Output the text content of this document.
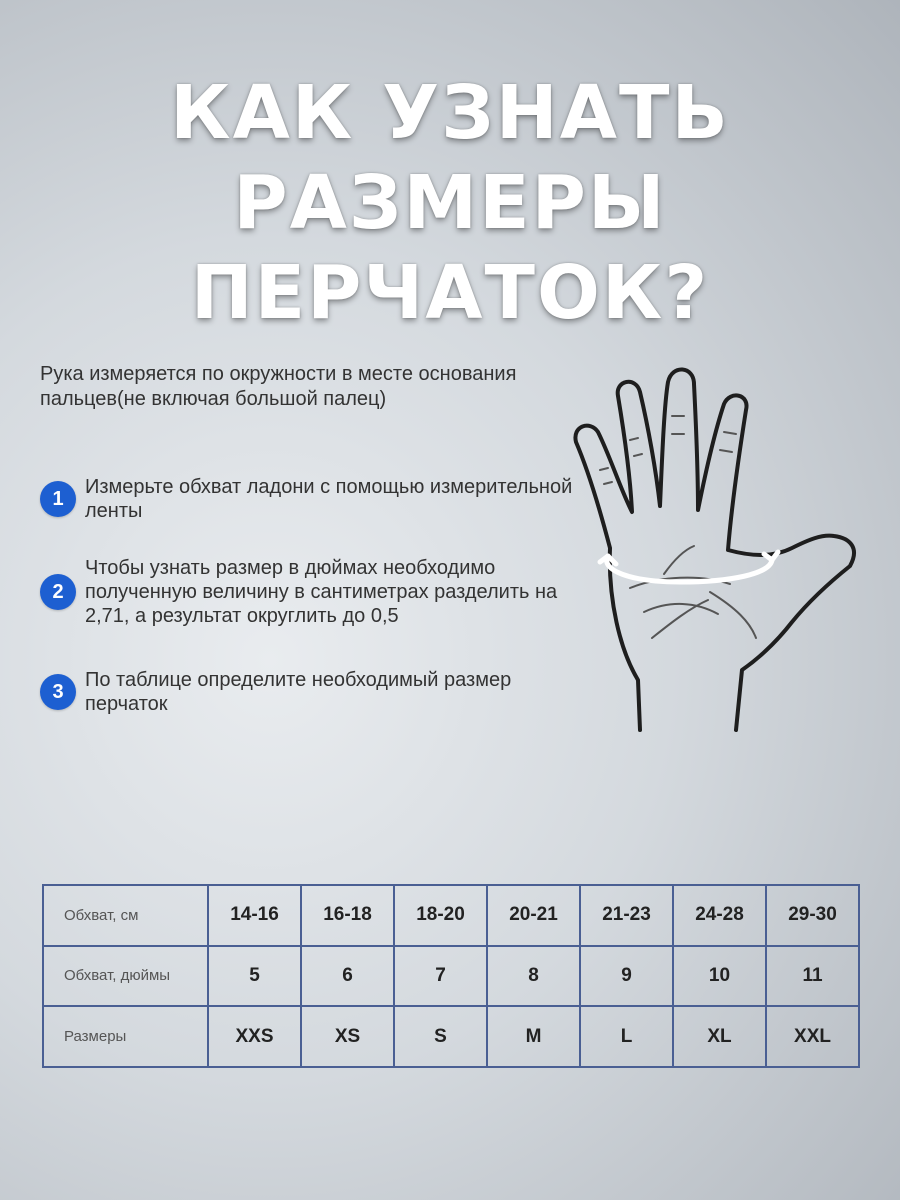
КАК УЗНАТЬ
РАЗМЕРЫ ПЕРЧАТОК?

Рука измеряется по окружности в месте основания пальцев(не включая большой палец)

1
Измерьте обхват ладони с помощью измерительной ленты
2
Чтобы узнать размер в дюймах необходимо полученную величину в сантиметрах разделить на 2,71, а результат округлить до 0,5
3
По таблице определите необходимый размер перчаток
Обхват, см	14-16	16-18	18-20	20-21	21-23	24-28	29-30
Обхват, дюймы	5	6	7	8	9	10	11
Размеры	XXS	XS	S	M	L	XL	XXL
